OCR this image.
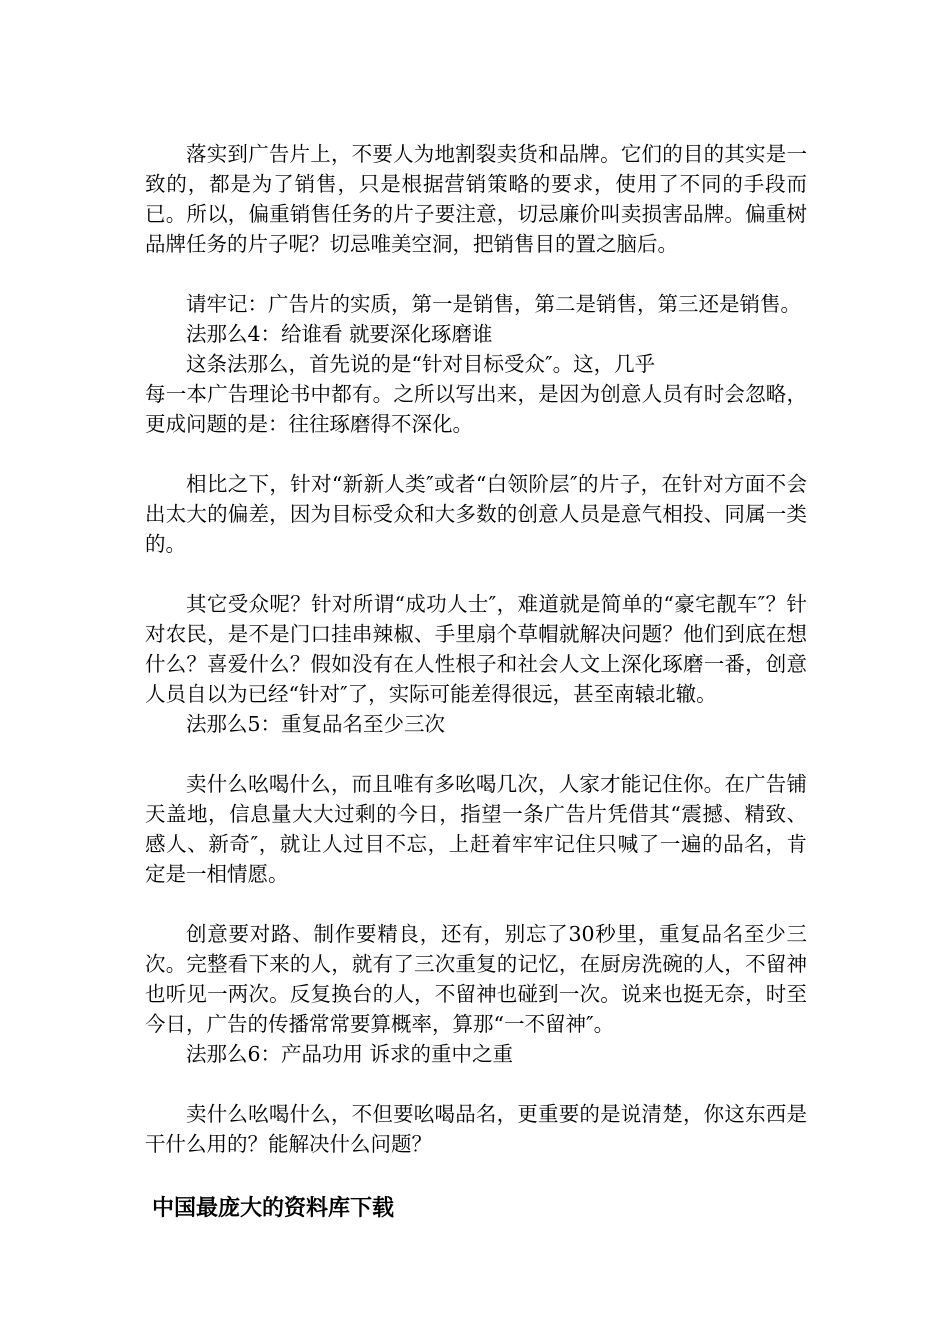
落实到广告片上，不要人为地割裂卖货和品牌。它们的目的其实是一致的，都是为了销售，只是根据营销策略的要求，使用了不同的手段而已。所以，偏重销售任务的片子要注意，切忌廉价叫卖损害品牌。偏重树品牌任务的片子呢？切忌唯美空洞，把销售目的置之脑后。

请牢记：广告片的实质，第一是销售，第二是销售，第三还是销售。

法那么4：给谁看 就要深化琢磨谁

这条法那么，首先说的是“针对目标受众″。这，几乎

每一本广告理论书中都有。之所以写出来，是因为创意人员有时会忽略，更成问题的是：往往琢磨得不深化。

相比之下，针对“新新人类″或者“白领阶层″的片子，在针对方面不会出太大的偏差，因为目标受众和大多数的创意人员是意气相投、同属一类的。

其它受众呢？针对所谓“成功人士″，难道就是简单的“豪宅靓车″？针对农民，是不是门口挂串辣椒、手里扇个草帽就解决问题？他们到底在想什么？喜爱什么？假如没有在人性根子和社会人文上深化琢磨一番，创意人员自以为已经“针对″了，实际可能差得很远，甚至南辕北辙。

法那么5：重复品名至少三次

卖什么吆喝什么，而且唯有多吆喝几次，人家才能记住你。在广告铺天盖地，信息量大大过剩的今日，指望一条广告片凭借其“震撼、精致、感人、新奇″，就让人过目不忘，上赶着牢牢记住只喊了一遍的品名，肯定是一相情愿。

创意要对路、制作要精良，还有，别忘了30秒里，重复品名至少三次。完整看下来的人，就有了三次重复的记忆，在厨房洗碗的人，不留神也听见一两次。反复换台的人，不留神也碰到一次。说来也挺无奈，时至今日，广告的传播常常要算概率，算那“一不留神″。

法那么6：产品功用 诉求的重中之重

卖什么吆喝什么，不但要吆喝品名，更重要的是说清楚，你这东西是干什么用的？能解决什么问题？

中国最庞大的资料库下载
